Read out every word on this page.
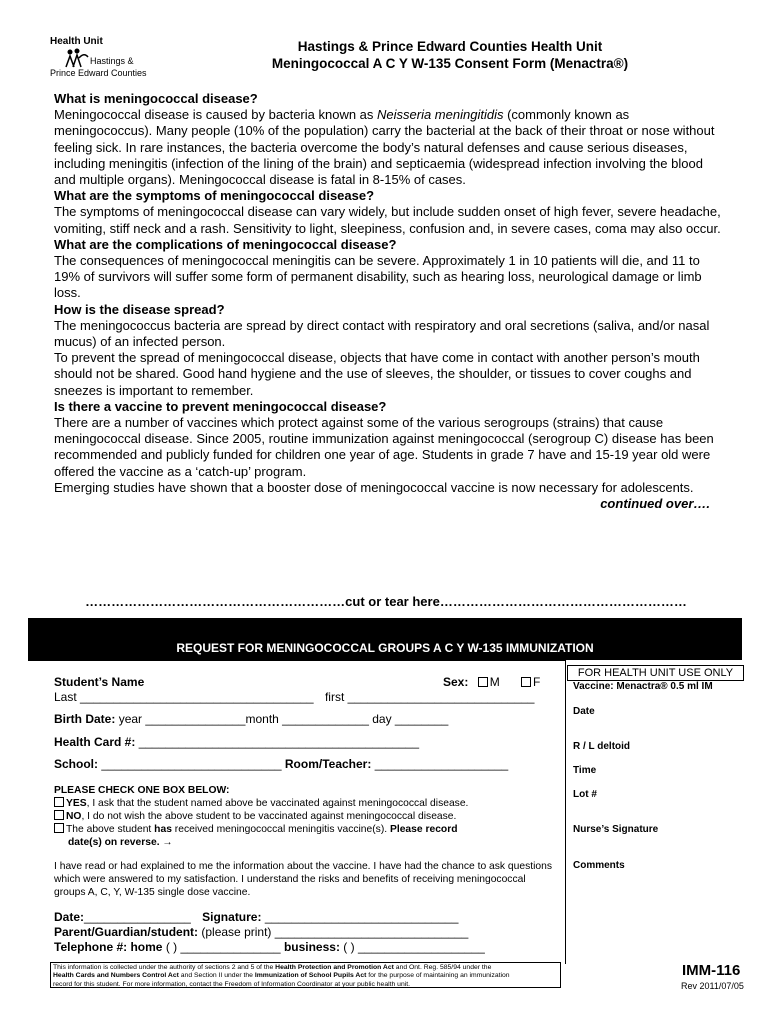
Health Unit
Hastings &
Prince Edward Counties
Hastings & Prince Edward Counties Health Unit
Meningococcal A C Y W-135 Consent Form (Menactra®)

What is meningococcal disease?

Meningococcal disease is caused by bacteria known as Neisseria meningitidis (commonly known as meningococcus). Many people (10% of the population) carry the bacterial at the back of their throat or nose without feeling sick. In rare instances, the bacteria overcome the body’s natural defenses and cause serious diseases, including meningitis (infection of the lining of the brain) and septicaemia (widespread infection involving the blood and multiple organs). Meningococcal disease is fatal in 8-15% of cases.

What are the symptoms of meningococcal disease?

The symptoms of meningococcal disease can vary widely, but include sudden onset of high fever, severe headache, vomiting, stiff neck and a rash. Sensitivity to light, sleepiness, confusion and, in severe cases, coma may also occur.

What are the complications of meningococcal disease?

The consequences of meningococcal meningitis can be severe. Approximately 1 in 10 patients will die, and 11 to 19% of survivors will suffer some form of permanent disability, such as hearing loss, neurological damage or limb loss.

How is the disease spread?

The meningococcus bacteria are spread by direct contact with respiratory and oral secretions (saliva, and/or nasal mucus) of an infected person.

To prevent the spread of meningococcal disease, objects that have come in contact with another person’s mouth should not be shared. Good hand hygiene and the use of sleeves, the shoulder, or tissues to cover coughs and sneezes is important to remember.

Is there a vaccine to prevent meningococcal disease?

There are a number of vaccines which protect against some of the various serogroups (strains) that cause meningococcal disease. Since 2005, routine immunization against meningococcal (serogroup C) disease has been recommended and publicly funded for children one year of age. Students in grade 7 have and 15-19 year old were offered the vaccine as a ‘catch-up’ program.

Emerging studies have shown that a booster dose of meningococcal vaccine is now necessary for adolescents.
continued over….

……………………………………………………cut or tear here…………………………………………………
REQUEST FOR MENINGOCOCCAL GROUPS A C Y W-135 IMMUNIZATION
FOR HEALTH UNIT USE ONLY
Vaccine: Menactra® 0.5 ml IM
Date
R / L deltoid
Time
Lot #
Nurse’s Signature
Comments
Student’s Name	Sex: M	F
Last ___________________________________ first ____________________________
Birth Date: year _______________month _____________ day ________
Health Card #: __________________________________________
School: ___________________________ Room/Teacher: ____________________
PLEASE CHECK ONE BOX BELOW:
YES, I ask that the student named above be vaccinated against meningococcal disease.
NO, I do not wish the above student to be vaccinated against meningococcal disease.
The above student has received meningococcal meningitis vaccine(s). Please record
date(s) on reverse. →
I have read or had explained to me the information about the vaccine. I have had the chance to ask questions which were answered to my satisfaction. I understand the risks and benefits of receiving meningococcal groups A, C, Y, W-135 single dose vaccine.
Date:________________ Signature: _____________________________
Parent/Guardian/student: (please print) _____________________________
Telephone #: home ( ) _______________ business: ( ) ___________________
This information is collected under the authority of sections 2 and 5 of the Health Protection and Promotion Act and Ont. Reg. 585/94 under the
Health Cards and Numbers Control Act and Section II under the Immunization of School Pupils Act for the purpose of maintaining an immunization
record for this student. For more information, contact the Freedom of Information Coordinator at your public health unit.
IMM-116
Rev 2011/07/05
